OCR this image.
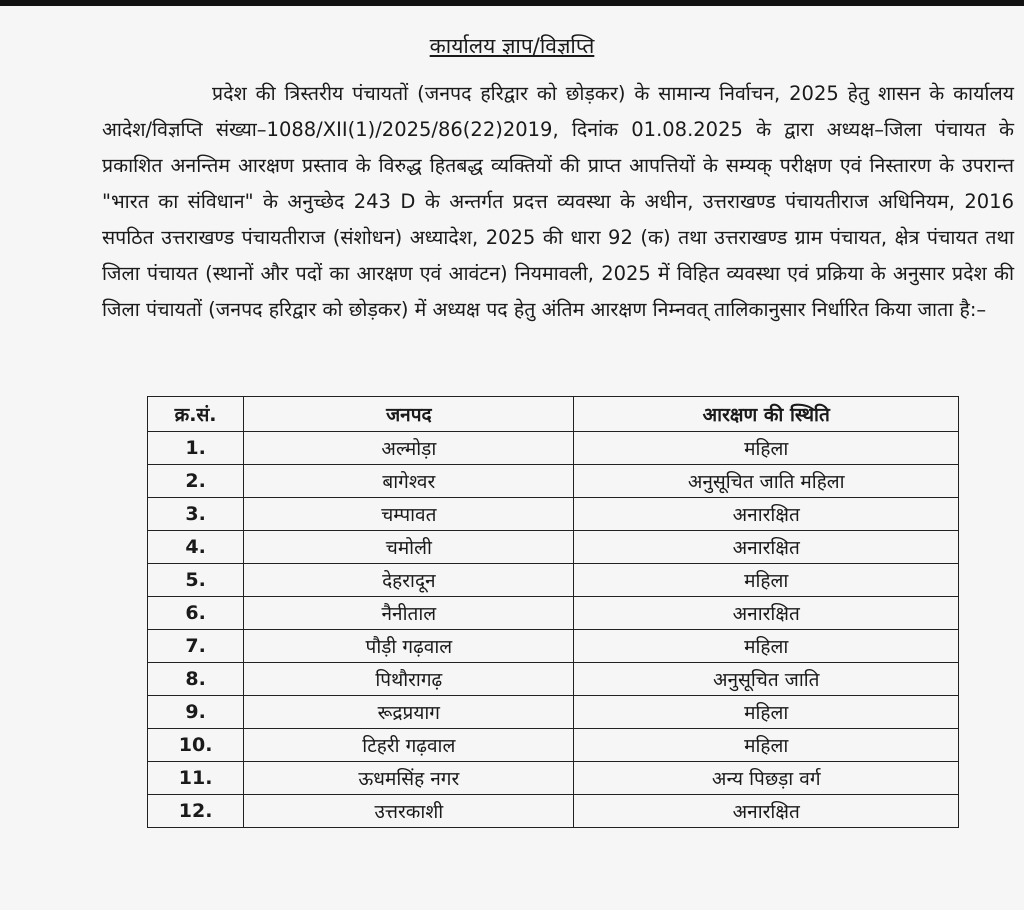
कार्यालय ज्ञाप/विज्ञप्ति
प्रदेश की त्रिस्तरीय पंचायतों (जनपद हरिद्वार को छोड़कर) के सामान्य निर्वाचन, 2025 हेतु शासन के कार्यालय आदेश/विज्ञप्ति संख्या–1088/XII(1)/2025/86(22)2019, दिनांक 01.08.2025 के द्वारा अध्यक्ष–जिला पंचायत के प्रकाशित अनन्तिम आरक्षण प्रस्ताव के विरुद्ध हितबद्ध व्यक्तियों की प्राप्त आपत्तियों के सम्यक् परीक्षण एवं निस्तारण के उपरान्त "भारत का संविधान" के अनुच्छेद 243 D के अन्तर्गत प्रदत्त व्यवस्था के अधीन, उत्तराखण्ड पंचायतीराज अधिनियम, 2016 सपठित उत्तराखण्ड पंचायतीराज (संशोधन) अध्यादेश, 2025 की धारा 92 (क) तथा उत्तराखण्ड ग्राम पंचायत, क्षेत्र पंचायत तथा जिला पंचायत (स्थानों और पदों का आरक्षण एवं आवंटन) नियमावली, 2025 में विहित व्यवस्था एवं प्रक्रिया के अनुसार प्रदेश की जिला पंचायतों (जनपद हरिद्वार को छोड़कर) में अध्यक्ष पद हेतु अंतिम आरक्षण निम्नवत् तालिकानुसार निर्धारित किया जाता है:–
क्र.सं.	जनपद	आरक्षण की स्थिति
1.	अल्मोड़ा	महिला
2.	बागेश्वर	अनुसूचित जाति महिला
3.	चम्पावत	अनारक्षित
4.	चमोली	अनारक्षित
5.	देहरादून	महिला
6.	नैनीताल	अनारक्षित
7.	पौड़ी गढ़वाल	महिला
8.	पिथौरागढ़	अनुसूचित जाति
9.	रूद्रप्रयाग	महिला
10.	टिहरी गढ़वाल	महिला
11.	ऊधमसिंह नगर	अन्य पिछड़ा वर्ग
12.	उत्तरकाशी	अनारक्षित
